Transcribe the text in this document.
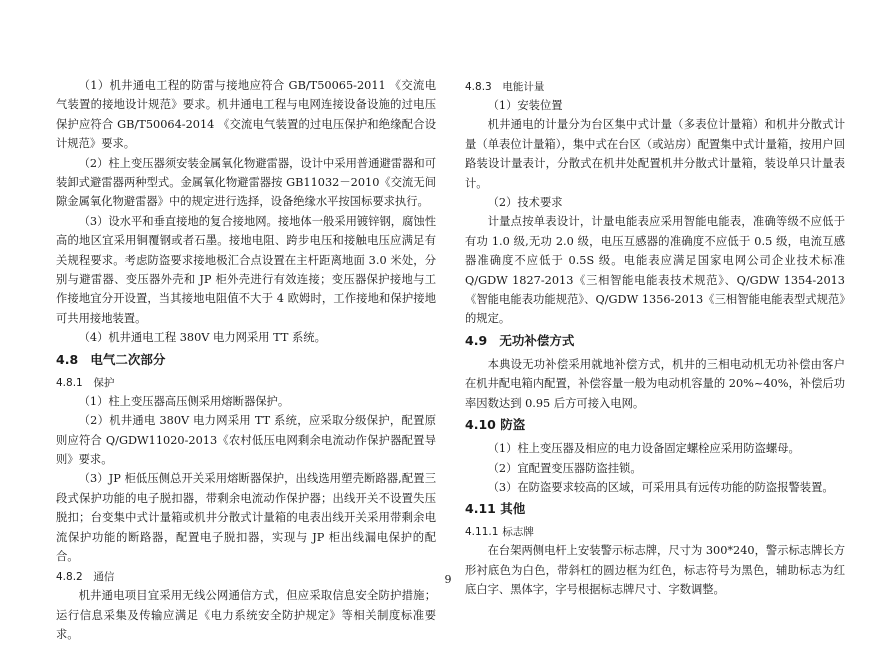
（1）机井通电工程的防雷与接地应符合 GB/T50065-2011 《交流电气装置的接地设计规范》要求。机井通电工程与电网连接设备设施的过电压保护应符合 GB/T50064-2014 《交流电气装置的过电压保护和绝缘配合设计规范》要求。

（2）柱上变压器须安装金属氧化物避雷器，设计中采用普通避雷器和可装卸式避雷器两种型式。金属氧化物避雷器按 GB11032－2010《交流无间隙金属氧化物避雷器》中的规定进行选择，设备绝缘水平按国标要求执行。

（3）设水平和垂直接地的复合接地网。接地体一般采用镀锌钢，腐蚀性高的地区宜采用铜覆钢或者石墨。接地电阻、跨步电压和接触电压应满足有关规程要求。考虑防盗要求接地极汇合点设置在主杆距离地面 3.0 米处，分别与避雷器、变压器外壳和 JP 柜外壳进行有效连接；变压器保护接地与工作接地宜分开设置，当其接地电阻值不大于 4 欧姆时，工作接地和保护接地可共用接地装置。

（4）机井通电工程 380V 电力网采用 TT 系统。

4.8 电气二次部分
4.8.1 保护

（1）柱上变压器高压侧采用熔断器保护。

（2）机井通电 380V 电力网采用 TT 系统，应采取分级保护，配置原则应符合 Q/GDW11020-2013《农村低压电网剩余电流动作保护器配置导则》要求。

（3）JP 柜低压侧总开关采用熔断器保护，出线选用塑壳断路器,配置三段式保护功能的电子脱扣器，带剩余电流动作保护器；出线开关不设置失压脱扣；台变集中式计量箱或机井分散式计量箱的电表出线开关采用带剩余电流保护功能的断路器，配置电子脱扣器，实现与 JP 柜出线漏电保护的配合。

4.8.2 通信

机井通电项目宜采用无线公网通信方式，但应采取信息安全防护措施；运行信息采集及传输应满足《电力系统安全防护规定》等相关制度标准要求。

4.8.3 电能计量

（1）安装位置

机井通电的计量分为台区集中式计量（多表位计量箱）和机井分散式计量（单表位计量箱），集中式在台区（或站房）配置集中式计量箱，按用户回路装设计量表计，分散式在机井处配置机井分散式计量箱，装设单只计量表计。

（2）技术要求

计量点按单表设计，计量电能表应采用智能电能表，准确等级不应低于有功 1.0 级,无功 2.0 级，电压互感器的准确度不应低于 0.5 级，电流互感器准确度不应低于 0.5S 级。电能表应满足国家电网公司企业技术标准 Q/GDW 1827-2013《三相智能电能表技术规范》、Q/GDW 1354-2013《智能电能表功能规范》、Q/GDW 1356-2013《三相智能电能表型式规范》的规定。

4.9 无功补偿方式

本典设无功补偿采用就地补偿方式，机井的三相电动机无功补偿由客户在机井配电箱内配置，补偿容量一般为电动机容量的 20%~40%，补偿后功率因数达到 0.95 后方可接入电网。

4.10 防盗

（1）柱上变压器及相应的电力设备固定螺栓应采用防盗螺母。

（2）宜配置变压器防盗挂锁。

（3）在防盗要求较高的区域，可采用具有远传功能的防盗报警装置。

4.11 其他
4.11.1 标志牌

在台架两侧电杆上安装警示标志牌，尺寸为 300*240，警示标志牌长方形衬底色为白色，带斜杠的圆边框为红色，标志符号为黑色，辅助标志为红底白字、黑体字，字号根据标志牌尺寸、字数调整。

9
